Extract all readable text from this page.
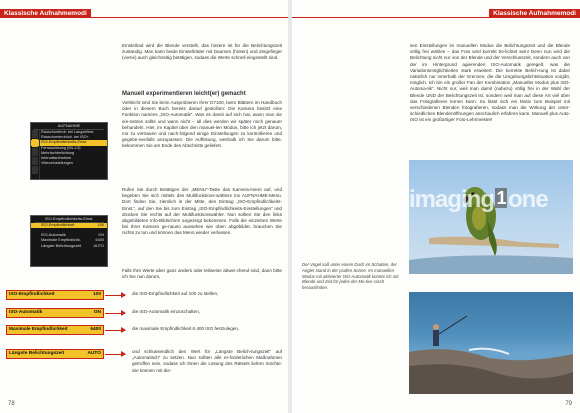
Klassische Aufnahmemodi

Einstellrad wird die Blende verstellt, das hintere ist für die Belichtungszeit zuständig. Man kann beide Einstellräder mit Daumen (hinten) und Zeigefinger (vorne) auch gleichzeitig betätigen, sodass die Werte schnell eingestellt sind.

Manuell experimentieren leicht(er) gemacht

Vielleicht sind Sie beim Ausprobieren Ihrer D7100, beim Blättern im Handbuch oder in diesem Buch bereits darauf gestoßen: Die Kamera besitzt eine Funktion namens „ISO-Automatik“. Was es damit auf sich hat, wann man sie ein-setzen sollte und wann nicht – all dies werden wir später noch genauer behandeln. Hier, im Kapitel über den manuel-len Modus, bitte ich jetzt darum, mir zu vertrauen und nach-folgend einige Einstellungen zu kontrollieren und gegebe-nenfalls anzupassen. Die Auflösung, weshalb ich Sie darum bitte, bekommen Sie am Ende des Abschnitts geliefert.

Rufen Sie durch Betätigen der „MENU“-Taste das Kamera-menü auf, und begeben Sie sich mittels des Multifunktions-wählers ins AUFNAHME-Menü. Dort finden Sie, ziemlich in der Mitte, den Eintrag „ISO-Empfindlichkeits-Einst.“, auf den Sie bis zum Eintrag „ISO-Empfindlichkeits-Einstellungen“ und drücken Sie rechts auf der Multifunktionswähler. Nun sollten Sie den links abgebildeten Info-Bildschirm angezeigt bekommen. Falls die einzelnen Werte bei Ihrer Kamera ge-nauso aussehen wie oben abgebildet, brauchen Sie nichts zu tun und können das Menü wieder verlassen.

Falls Ihre Werte aber ganz anders oder teilweise abwei-chend sind, dann bitte ich Sie nun darum,

AUFNAHME
Rauschunterdr. bei Langzeitbel.
Rauschunterdrück. bei ISO+
ISO-Empfindlichkeits-Einst.
Fernauslösung (ML-L3)
Mehrfachbelichtung
Intervallaufnahme
Videoeinstellungen
ISO-Empfindlichkeits-Einst.
ISO-Empfindlichkeit	100
ISO-Automatik	ON
Maximale Empfindlichk.	6400
Längste Belichtungszeit	AUTO
ISO-Empfindlichkeit	100	die ISO-Empfindlichkeit auf 100 zu stellen,

ISO-Automatik	ON	die ISO-Automatik einzuschalten,

Maximale Empfindlichkeit	6400	die maximale Empfindlichkeit 6 400 ISO festzulegen,

Längste Belichtungszeit	AUTO	und schlussendlich den Wert für „Längste Belich-tungszeit“ auf „Automatisch“ zu setzen. Nun sollten alle er-forderlichen Maßnahmen getroffen sein, sodass ich Ihnen die Lösung des Rätsels liefern möchte: Sie können mit die-

78
Klassische Aufnahmemodi

sen Einstellungen im manuellen Modus die Belichtungszeit und die Blende völlig frei wählen – das Foto wird korrekt be-lichtet sein! Denn nun wird die Belichtung nicht nur von der Blende und der Verschlusszeit, sondern auch von der im Hintergrund agierenden ISO-Automatik geregelt, was die Variationsmöglichkeiten stark erweitert. Die korrekte Belich-tung ist dabei natürlich nur innerhalb der Grenzen, die die Umgebungslichtsituation vorgibt, möglich. Ich bin ein großer Fan der Kombination „Manueller Modus plus ISO-Automa-tik“. Nicht nur, weil man damit (nahezu) völlig frei in der Wahl der Blende UND der Belichtungszeit ist, sondern weil man auf diese Art viel über das Fotografieren lernen kann. So lässt sich ein Motiv zum Beispiel mit verschiedenen Blenden fotografieren, sodass man die Wirkung der unter-schiedlichen Blendenöffnungen anschaulich erfahren kann. Manuell plus Auto-ISO ist ein großartiger Foto-Lehrmeister!

Der Vogel saß unter einem Dach im Schatten, der Angler stand in der prallen Sonne. Im manuellen Modus mit aktivierter ISO-Automatik konnte ich mit Blende und Zeit für jedes der Mo-tive rasch herausfinden.

79
imaging 1 one
